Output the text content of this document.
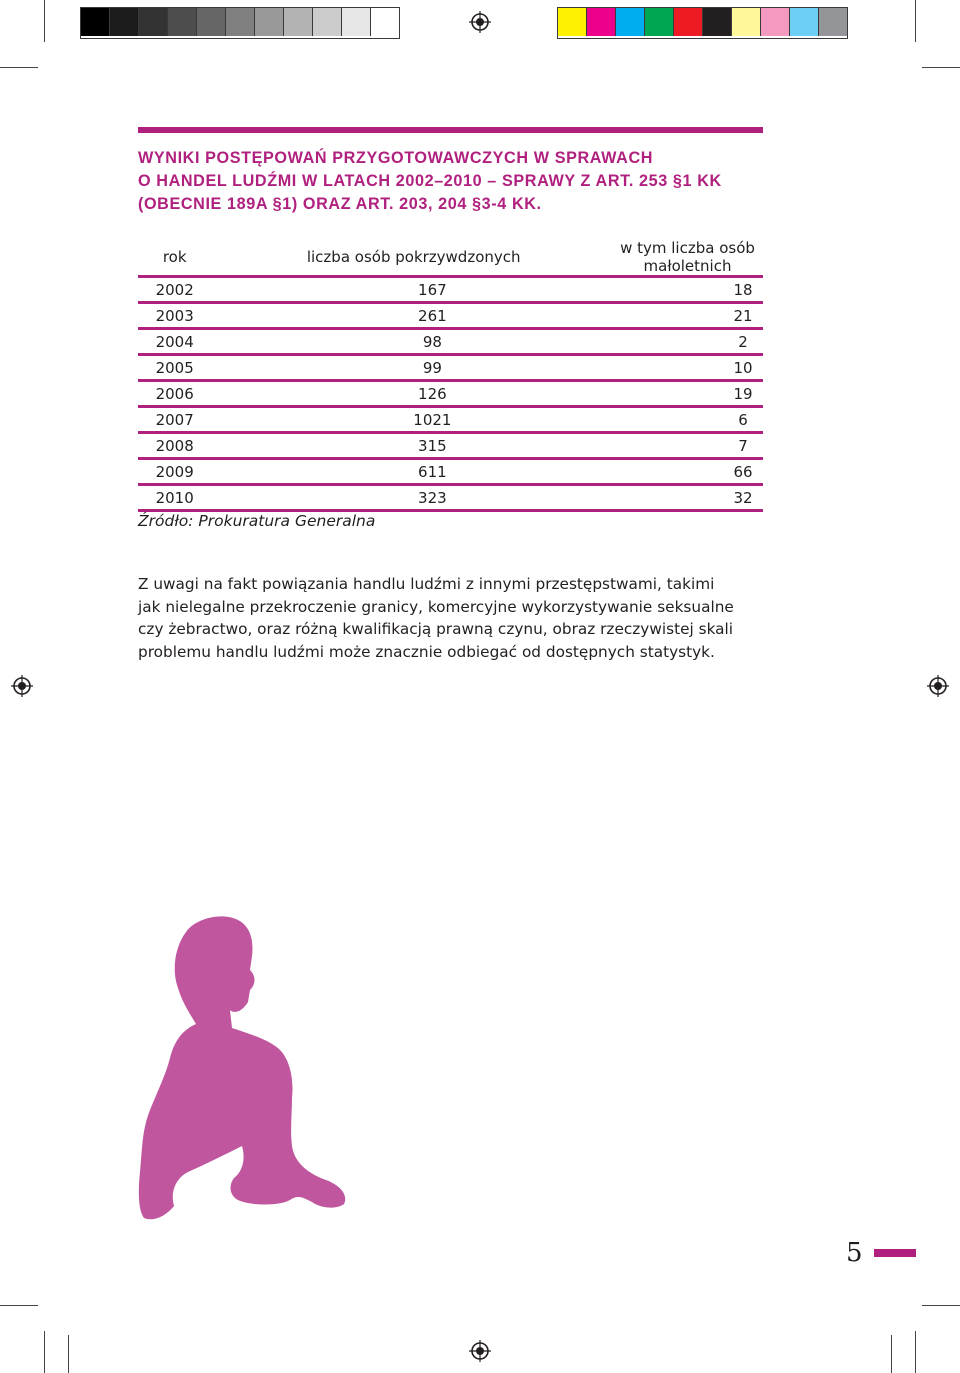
WYNIKI POSTĘPOWAŃ PRZYGOTOWAWCZYCH W SPRAWACH
O HANDEL LUDŹMI W LATACH 2002–2010 – SPRAWY Z ART. 253 §1 KK
(OBECNIE 189A §1) ORAZ ART. 203, 204 §3-4 KK.
rok	liczba osób pokrzywdzonych	w tym liczba osób małoletnich
2002	167	18
2003	261	21
2004	98	2
2005	99	10
2006	126	19
2007	1021	6
2008	315	7
2009	611	66
2010	323	32
Źródło: Prokuratura Generalna

Z uwagi na fakt powiązania handlu ludźmi z innymi przestępstwami, takimi
jak nielegalne przekroczenie granicy, komercyjne wykorzystywanie seksualne
czy żebractwo, oraz różną kwalifikacją prawną czynu, obraz rzeczywistej skali
problemu handlu ludźmi może znacznie odbiegać od dostępnych statystyk.

5
